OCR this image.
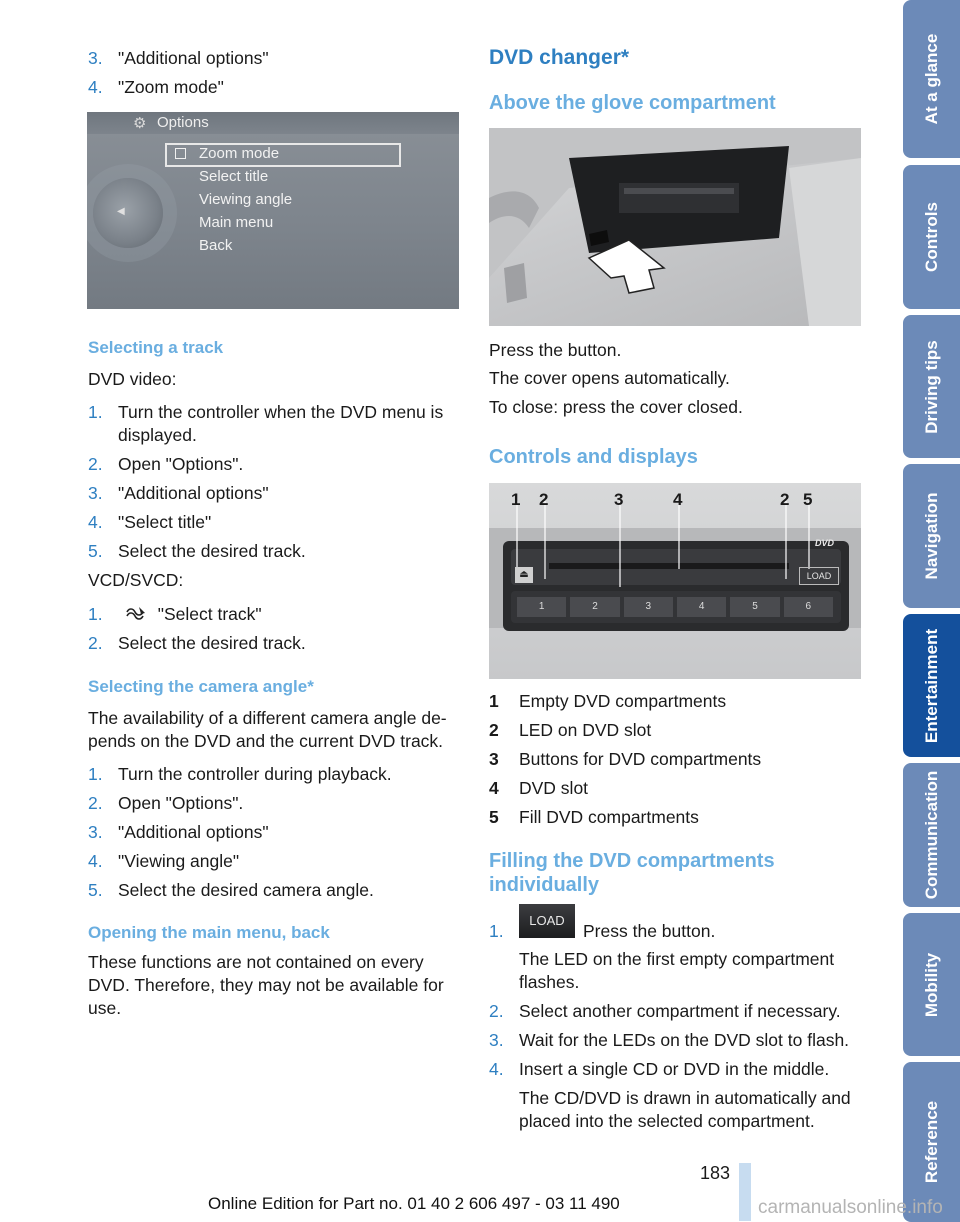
3. "Additional options"
4. "Zoom mode"
⚙ Options
◀
Zoom mode
Select title
Viewing angle
Main menu
Back
Selecting a track
DVD video:
1. Turn the controller when the DVD menu is
displayed.
2. Open "Options".
3. "Additional options"
4. "Select title"
5. Select the desired track.
VCD/SVCD:
1.	"Select track"
2. Select the desired track.
Selecting the camera angle*
The availability of a different camera angle de-
pends on the DVD and the current DVD track.
1. Turn the controller during playback.
2. Open "Options".
3. "Additional options"
4. "Viewing angle"
5. Select the desired camera angle.
Opening the main menu, back
These functions are not contained on every
DVD. Therefore, they may not be available for
use.
DVD changer*
Above the glove compartment
Press the button.
The cover opens automatically.
To close: press the cover closed.
Controls and displays
1 2	3	4	2 5
⏏
DVD
LOAD
1	2	3	4	5	6
1 Empty DVD compartments
2 LED on DVD slot
3 Buttons for DVD compartments
4 DVD slot
5 Fill DVD compartments
Filling the DVD compartments
individually
1.
LOAD
Press the button.
The LED on the first empty compartment
flashes.
2. Select another compartment if necessary.
3. Wait for the LEDs on the DVD slot to flash.
4. Insert a single CD or DVD in the middle.
The CD/DVD is drawn in automatically and
placed into the selected compartment.
At a glance
Controls
Driving tips
Navigation
Entertainment
Communication
Mobility
Reference
183
Online Edition for Part no. 01 40 2 606 497 - 03 11 490	carmanualsonline.info
